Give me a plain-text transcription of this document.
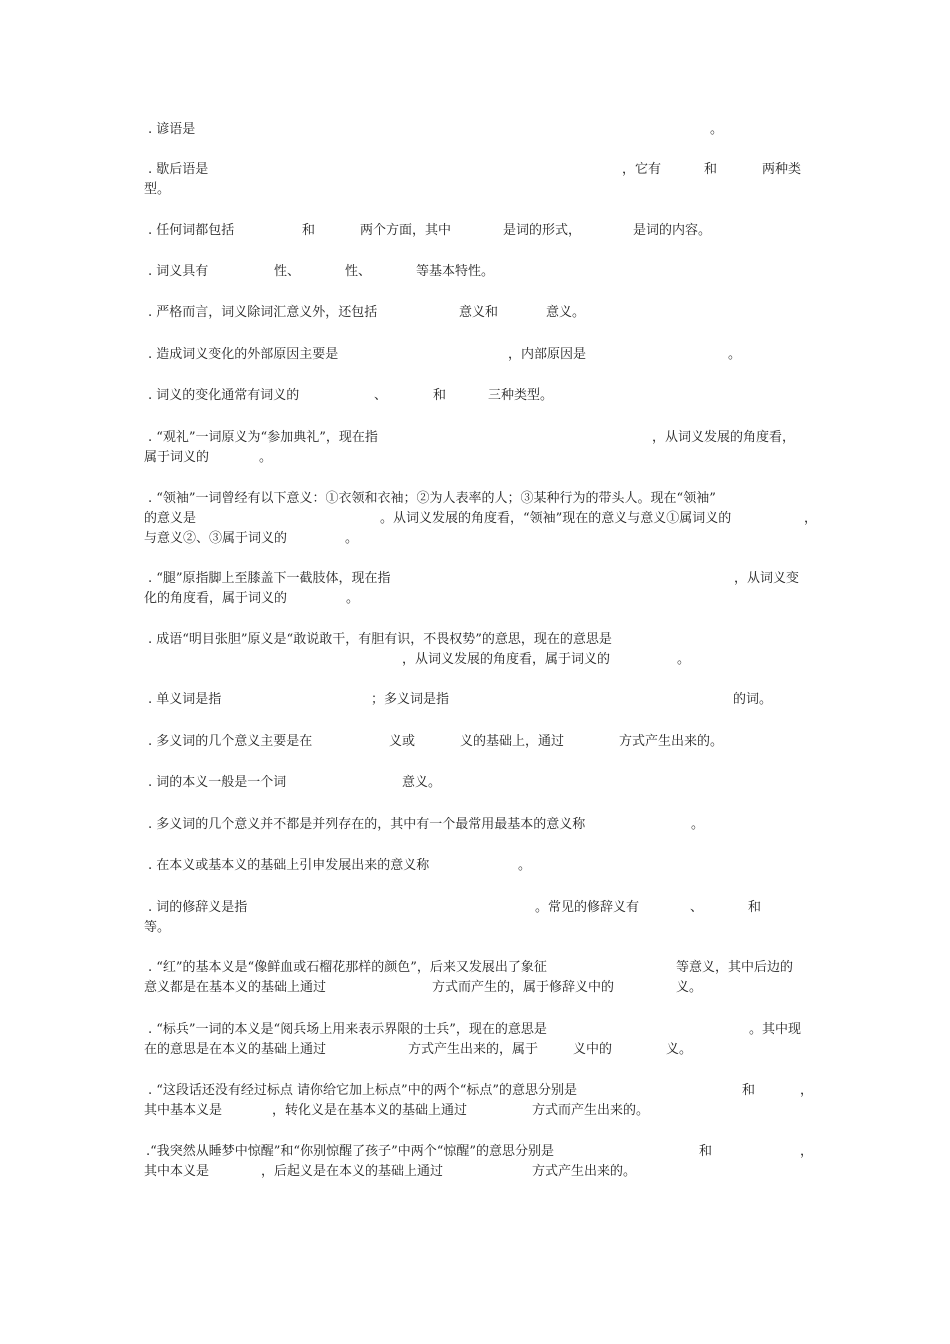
. 谚语是	。
. 歇后语是	，它有	和	两种类
型。
. 任何词都包括	和	两个方面，其中	是词的形式，	是词的内容。
. 词义具有	性、	性、	等基本特性。
. 严格而言，词义除词汇意义外，还包括	意义和	意义。
. 造成词义变化的外部原因主要是	，内部原因是	。
. 词义的变化通常有词义的	、	和	三种类型。
. “观礼”一词原义为“参加典礼”，现在指	，从词义发展的角度看，
属于词义的	。
. “领袖”一词曾经有以下意义：①衣领和衣袖；②为人表率的人；③某种行为的带头人。现在“领袖”
的意义是	。从词义发展的角度看，“领袖”现在的意义与意义①属词义的	，
与意义②、③属于词义的	。
. “腿”原指脚上至膝盖下一截肢体，现在指	，从词义变
化的角度看，属于词义的	。
. 成语“明目张胆”原义是“敢说敢干，有胆有识，不畏权势”的意思，现在的意思是
，从词义发展的角度看，属于词义的	。
. 单义词是指	；多义词是指	的词。
. 多义词的几个意义主要是在	义或	义的基础上，通过	方式产生出来的。
. 词的本义一般是一个词	意义。
. 多义词的几个意义并不都是并列存在的，其中有一个最常用最基本的意义称	。
. 在本义或基本义的基础上引申发展出来的意义称	。
. 词的修辞义是指	。常见的修辞义有	、	和
等。
. “红”的基本义是“像鲜血或石榴花那样的颜色”，后来又发展出了象征	等意义，其中后边的
意义都是在基本义的基础上通过	方式而产生的，属于修辞义中的	义。
. “标兵”一词的本义是“阅兵场上用来表示界限的士兵”，现在的意思是	。其中现
在的意思是在本义的基础上通过	方式产生出来的，属于	义中的	义。
. “这段话还没有经过标点 请你给它加上标点”中的两个“标点”的意思分别是	和	，
其中基本义是	，转化义是在基本义的基础上通过	方式而产生出来的。
.“我突然从睡梦中惊醒”和“你别惊醒了孩子”中两个“惊醒”的意思分别是	和	，
其中本义是	，后起义是在本义的基础上通过	方式产生出来的。
